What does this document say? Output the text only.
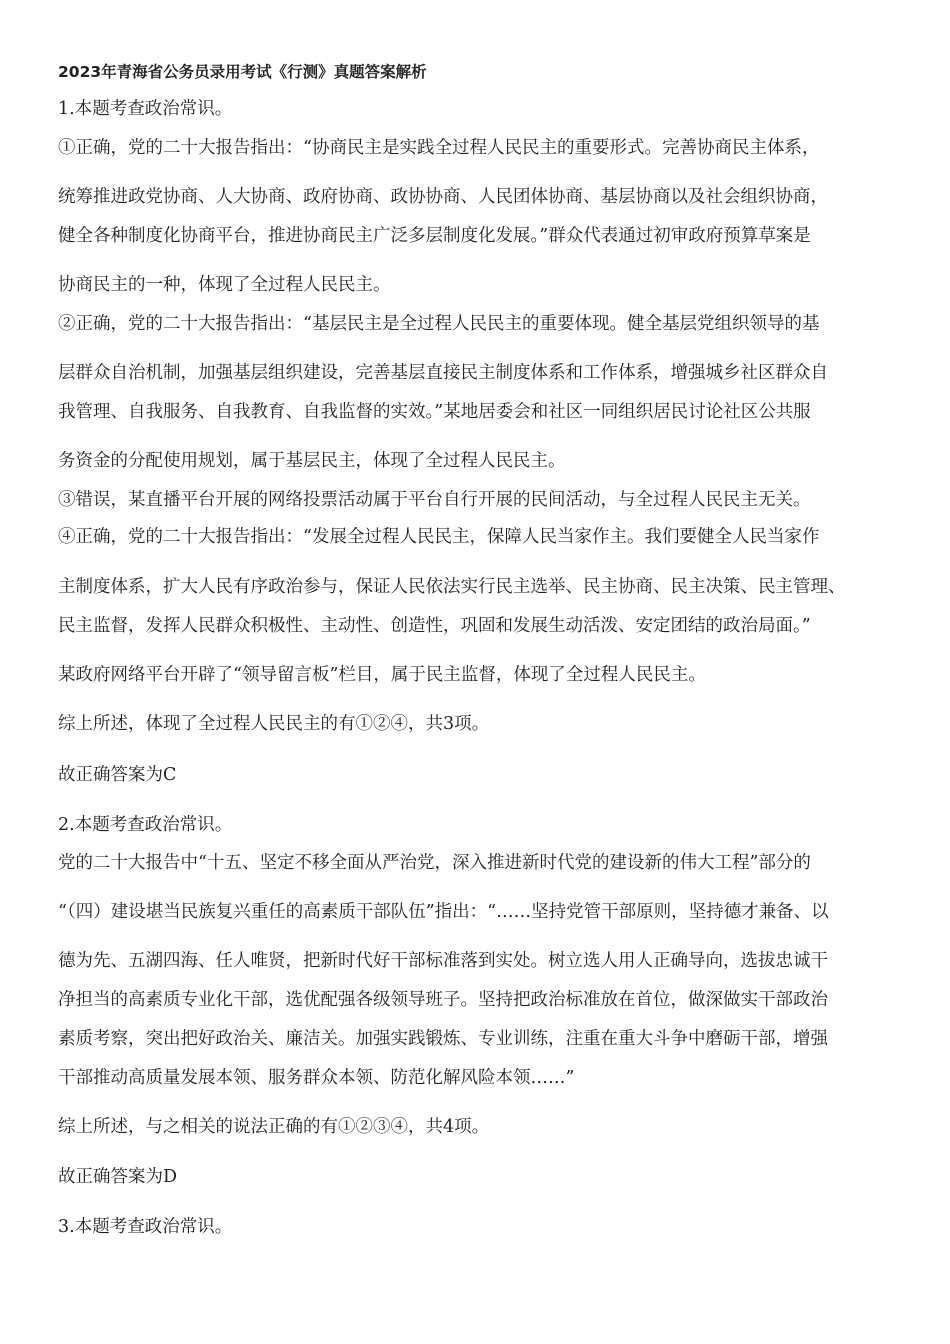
2023年青海省公务员录用考试《行测》真题答案解析

1.本题考查政治常识。

①正确，党的二十大报告指出：“协商民主是实践全过程人民民主的重要形式。完善协商民主体系，

统筹推进政党协商、人大协商、政府协商、政协协商、人民团体协商、基层协商以及社会组织协商，

健全各种制度化协商平台，推进协商民主广泛多层制度化发展。”群众代表通过初审政府预算草案是

协商民主的一种，体现了全过程人民民主。

②正确，党的二十大报告指出：“基层民主是全过程人民民主的重要体现。健全基层党组织领导的基

层群众自治机制，加强基层组织建设，完善基层直接民主制度体系和工作体系，增强城乡社区群众自

我管理、自我服务、自我教育、自我监督的实效。”某地居委会和社区一同组织居民讨论社区公共服

务资金的分配使用规划，属于基层民主，体现了全过程人民民主。

③错误，某直播平台开展的网络投票活动属于平台自行开展的民间活动，与全过程人民民主无关。

④正确，党的二十大报告指出：“发展全过程人民民主，保障人民当家作主。我们要健全人民当家作

主制度体系，扩大人民有序政治参与，保证人民依法实行民主选举、民主协商、民主决策、民主管理、

民主监督，发挥人民群众积极性、主动性、创造性，巩固和发展生动活泼、安定团结的政治局面。”

某政府网络平台开辟了“领导留言板”栏目，属于民主监督，体现了全过程人民民主。

综上所述，体现了全过程人民民主的有①②④，共3项。

故正确答案为C

2.本题考查政治常识。

党的二十大报告中“十五、坚定不移全面从严治党，深入推进新时代党的建设新的伟大工程”部分的

“（四）建设堪当民族复兴重任的高素质干部队伍”指出：“……坚持党管干部原则，坚持德才兼备、以

德为先、五湖四海、任人唯贤，把新时代好干部标准落到实处。树立选人用人正确导向，选拔忠诚干

净担当的高素质专业化干部，选优配强各级领导班子。坚持把政治标准放在首位，做深做实干部政治

素质考察，突出把好政治关、廉洁关。加强实践锻炼、专业训练，注重在重大斗争中磨砺干部，增强

干部推动高质量发展本领、服务群众本领、防范化解风险本领……”

综上所述，与之相关的说法正确的有①②③④，共4项。

故正确答案为D

3.本题考查政治常识。
